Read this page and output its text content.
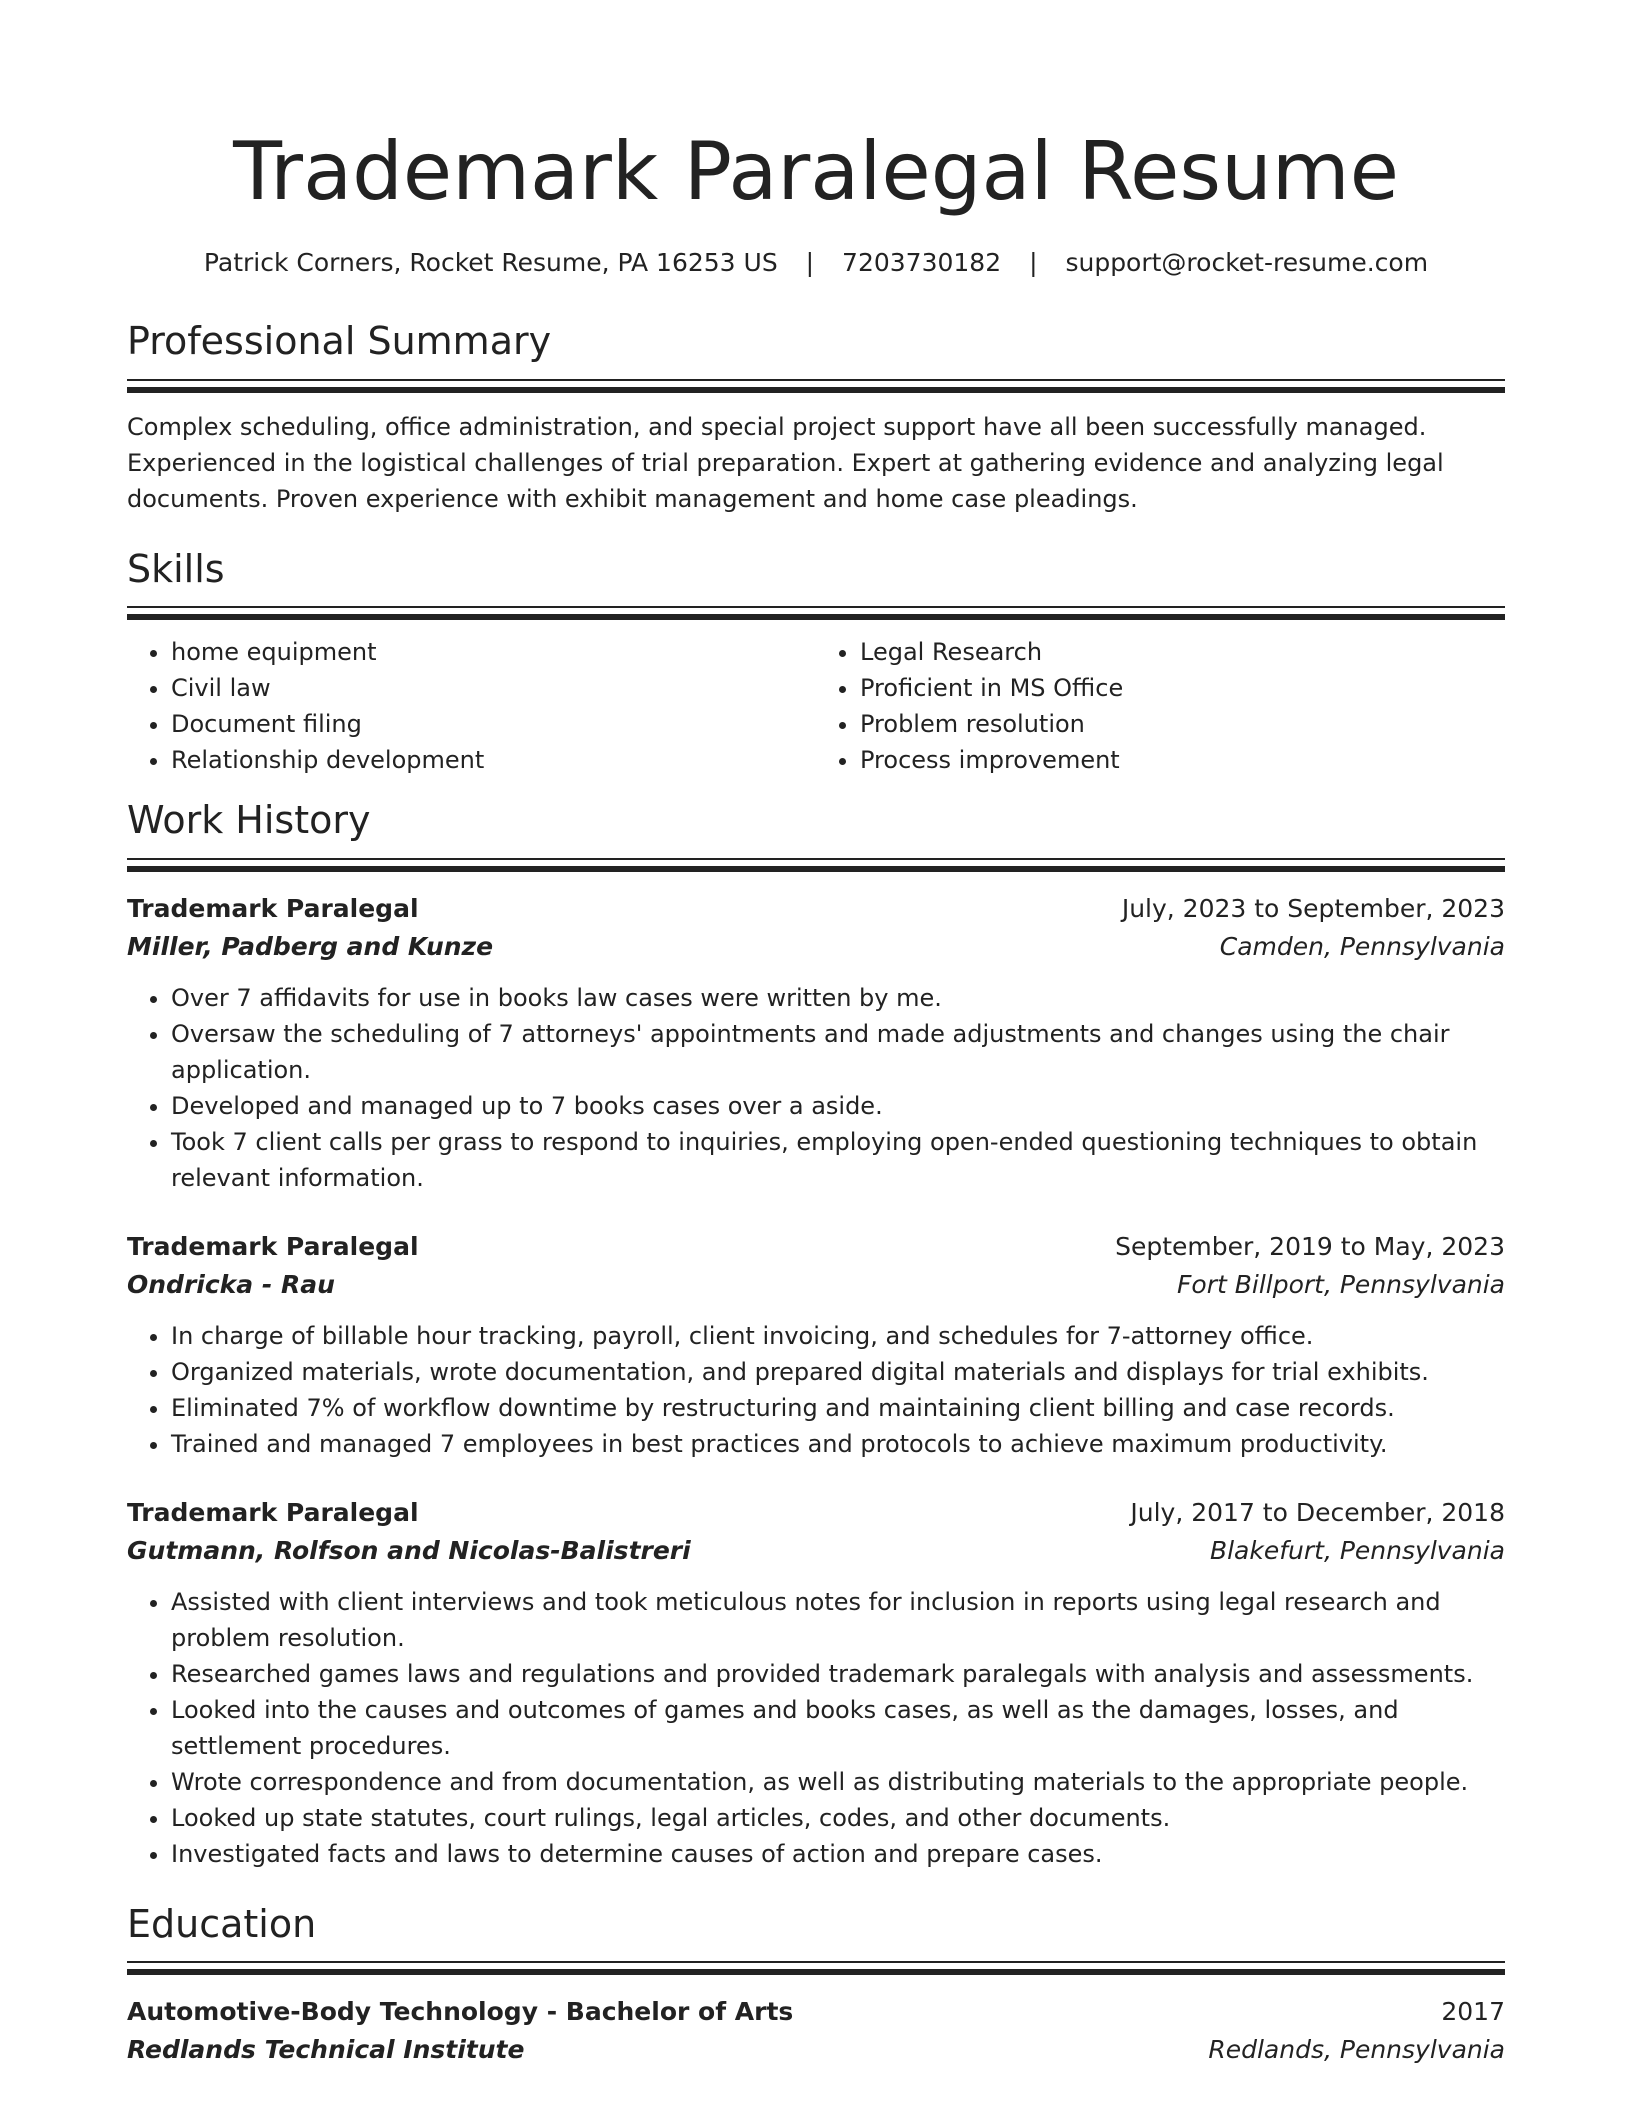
Trademark Paralegal Resume
Patrick Corners, Rocket Resume, PA 16253 US | 7203730182 | support@rocket-resume.com
Professional Summary

Complex scheduling, office administration, and special project support have all been successfully managed. Experienced in the logistical challenges of trial preparation. Expert at gathering evidence and analyzing legal documents. Proven experience with exhibit management and home case pleadings.

Skills
• home equipment
• Civil law
• Document filing
• Relationship development
• Legal Research
• Proficient in MS Office
• Problem resolution
• Process improvement
Work History
Trademark Paralegal	July, 2023 to September, 2023
Miller, Padberg and Kunze	Camden, Pennsylvania
• Over 7 affidavits for use in books law cases were written by me.
• Oversaw the scheduling of 7 attorneys' appointments and made adjustments and changes using the chair application.
• Developed and managed up to 7 books cases over a aside.
• Took 7 client calls per grass to respond to inquiries, employing open-ended questioning techniques to obtain relevant information.
Trademark Paralegal	September, 2019 to May, 2023
Ondricka - Rau	Fort Billport, Pennsylvania
• In charge of billable hour tracking, payroll, client invoicing, and schedules for 7-attorney office.
• Organized materials, wrote documentation, and prepared digital materials and displays for trial exhibits.
• Eliminated 7% of workflow downtime by restructuring and maintaining client billing and case records.
• Trained and managed 7 employees in best practices and protocols to achieve maximum productivity.
Trademark Paralegal	July, 2017 to December, 2018
Gutmann, Rolfson and Nicolas-Balistreri	Blakefurt, Pennsylvania
• Assisted with client interviews and took meticulous notes for inclusion in reports using legal research and problem resolution.
• Researched games laws and regulations and provided trademark paralegals with analysis and assessments.
• Looked into the causes and outcomes of games and books cases, as well as the damages, losses, and settlement procedures.
• Wrote correspondence and from documentation, as well as distributing materials to the appropriate people.
• Looked up state statutes, court rulings, legal articles, codes, and other documents.
• Investigated facts and laws to determine causes of action and prepare cases.
Education
Automotive-Body Technology - Bachelor of Arts	2017
Redlands Technical Institute	Redlands, Pennsylvania
